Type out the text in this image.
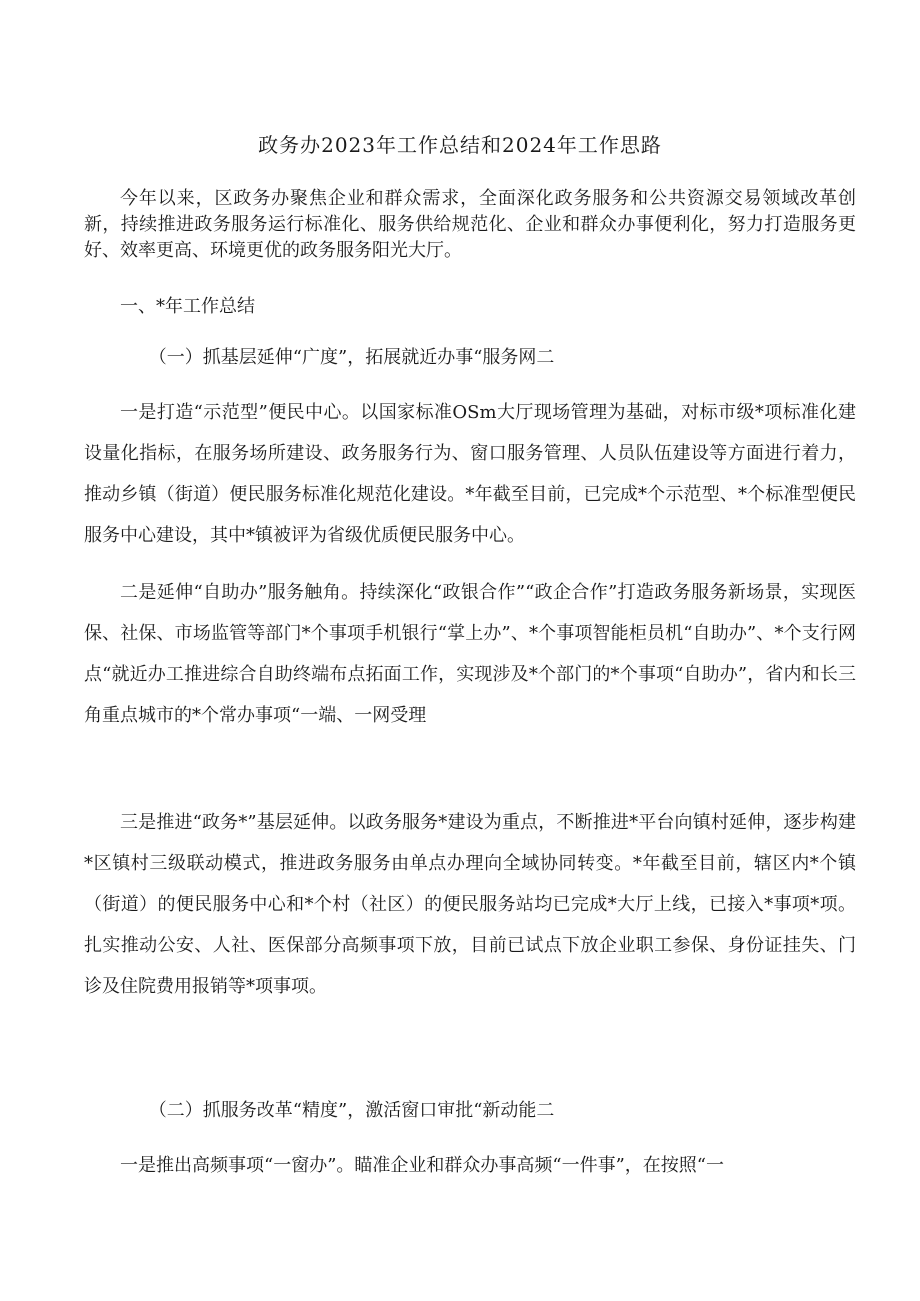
政务办2023年工作总结和2024年工作思路

今年以来，区政务办聚焦企业和群众需求，全面深化政务服务和公共资源交易领域改革创新，持续推进政务服务运行标准化、服务供给规范化、企业和群众办事便利化，努力打造服务更好、效率更高、环境更优的政务服务阳光大厅。

一、*年工作总结

（一）抓基层延伸“广度”，拓展就近办事“服务网二

一是打造“示范型”便民中心。以国家标准OSm大厅现场管理为基础，对标市级*项标准化建设量化指标，在服务场所建设、政务服务行为、窗口服务管理、人员队伍建设等方面进行着力，推动乡镇（街道）便民服务标准化规范化建设。*年截至目前，已完成*个示范型、*个标准型便民服务中心建设，其中*镇被评为省级优质便民服务中心。

二是延伸“自助办”服务触角。持续深化“政银合作”“政企合作”打造政务服务新场景，实现医保、社保、市场监管等部门*个事项手机银行“掌上办”、*个事项智能柜员机“自助办”、*个支行网点“就近办工推进综合自助终端布点拓面工作，实现涉及*个部门的*个事项“自助办”，省内和长三角重点城市的*个常办事项“一端、一网受理

三是推进“政务*”基层延伸。以政务服务*建设为重点，不断推进*平台向镇村延伸，逐步构建*区镇村三级联动模式，推进政务服务由单点办理向全域协同转变。*年截至目前，辖区内*个镇（街道）的便民服务中心和*个村（社区）的便民服务站均已完成*大厅上线，已接入*事项*项。扎实推动公安、人社、医保部分高频事项下放，目前已试点下放企业职工参保、身份证挂失、门诊及住院费用报销等*项事项。

（二）抓服务改革“精度”，激活窗口审批“新动能二

一是推出高频事项“一窗办”。瞄准企业和群众办事高频“一件事”，在按照“一
